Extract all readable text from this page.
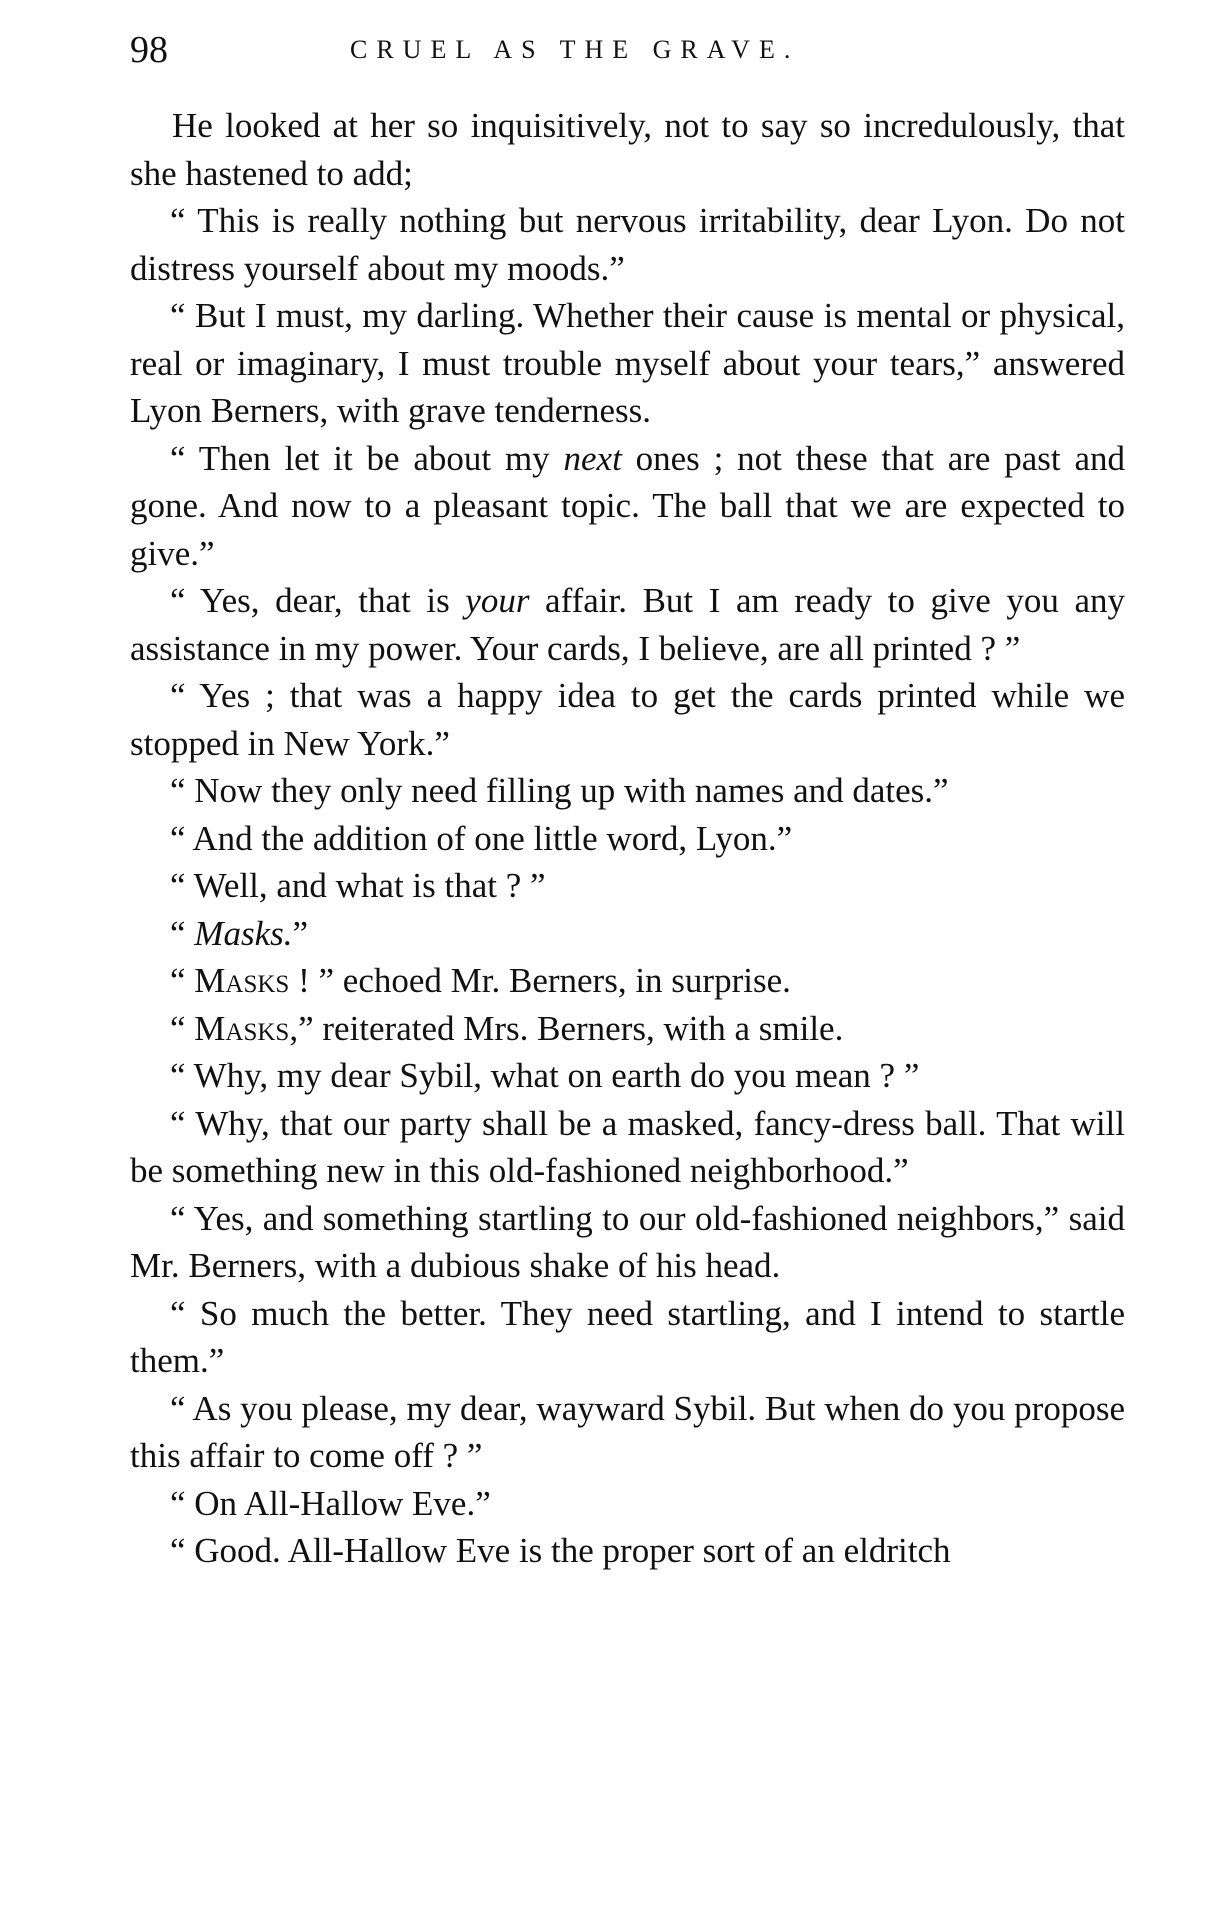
98	CRUEL AS THE GRAVE.

He looked at her so inquisitively, not to say so incredulously, that she hastened to add;

“ This is really nothing but nervous irritability, dear Lyon. Do not distress yourself about my moods.”

“ But I must, my darling. Whether their cause is mental or physical, real or imaginary, I must trouble myself about your tears,” answered Lyon Berners, with grave tenderness.

“ Then let it be about my next ones ; not these that are past and gone. And now to a pleasant topic. The ball that we are expected to give.”

“ Yes, dear, that is your affair. But I am ready to give you any assistance in my power. Your cards, I believe, are all printed ? ”

“ Yes ; that was a happy idea to get the cards printed while we stopped in New York.”

“ Now they only need filling up with names and dates.”

“ And the addition of one little word, Lyon.”

“ Well, and what is that ? ”

“ Masks.”

“ Masks ! ” echoed Mr. Berners, in surprise.

“ Masks,” reiterated Mrs. Berners, with a smile.

“ Why, my dear Sybil, what on earth do you mean ? ”

“ Why, that our party shall be a masked, fancy-dress ball. That will be something new in this old-fashioned neighborhood.”

“ Yes, and something startling to our old-fashioned neighbors,” said Mr. Berners, with a dubious shake of his head.

“ So much the better. They need startling, and I intend to startle them.”

“ As you please, my dear, wayward Sybil. But when do you propose this affair to come off ? ”

“ On All-Hallow Eve.”

“ Good. All-Hallow Eve is the proper sort of an eldritch
